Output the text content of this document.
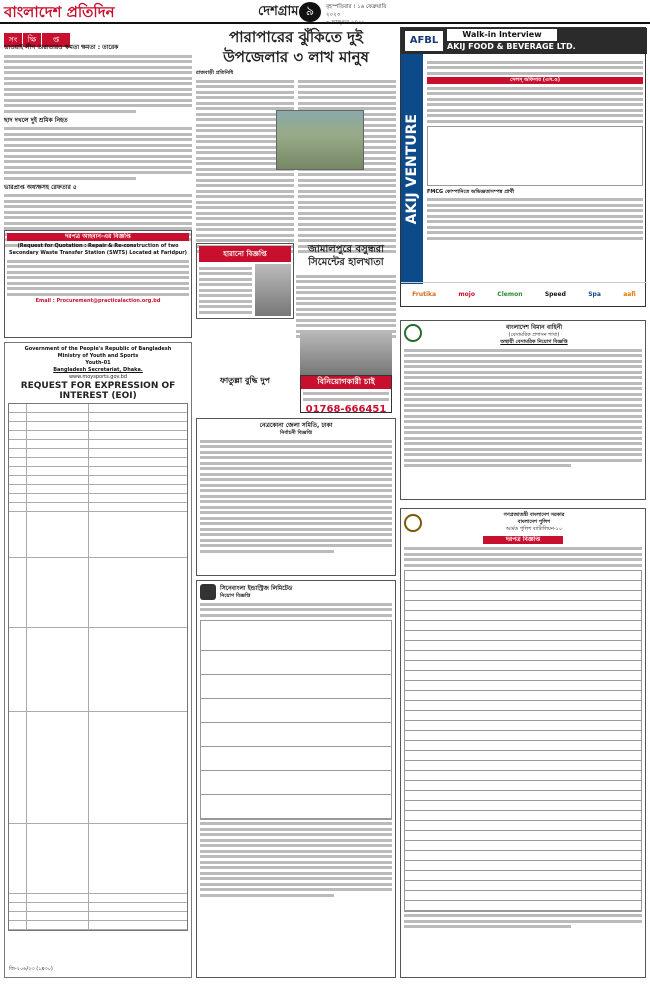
বাংলাদেশ প্রতিদিন	দেশগ্রাম ৯	বৃহস্পতিবার । ১৬ ফেব্রুয়ারি ২০২৩
৩ ফাল্গুন ১৪২৯
সং ক্ষি প্ত
ভাওয়াই লীগ তারাতারও ক্ষমতা ক্ষমতা : তারেক
ছাদ দখলে দুই শ্রমিক নিহত
ভারপ্রাপ্ত অধ্যক্ষসহ রেফতার ৫
পারাপারের ঝুঁকিতে দুই উপজেলার ৩ লাখ মানুষ
রাজবাড়ী প্রতিনিধি
দরপত্র আহবান-এর বিজ্ঞপ্তি
(Request for Quotation : Repair & Re-construction of two Secondary Waste Transfer Station (SWTS) Located at Faridpur)
Email : Procurement@practicalaction.org.bd
হারানো বিজ্ঞপ্তি	জামালপুরে বসুন্ধরা সিমেন্টের হালখাতা
ফাতুল্লা বুদ্ধি দুপ	বিনিয়োগকারী চাই
01768-666451
Government of the People's Republic of Bangladesh
Ministry of Youth and Sports
Youth-01
Bangladesh Secretariat, Dhaka.
www.moysports.gov.bd
REQUEST FOR EXPRESSION OF INTEREST (EOI)
জি-২০৬/২৩ (১x৩০)
নেত্রকোনা জেলা সমিতি, ঢাকা
নির্বাচনী বিজ্ঞপ্তি
সিনেবাংলা ইন্ডাস্ট্রিজ লিমিটেড
নিয়োগ বিজ্ঞপ্তি
AFBL
Walk-in Interview
AKIJ FOOD & BEVERAGE LTD.
AKIJ VENTURE
সেলস্ অফিসার (এস.ও)
FMCG কোম্পানিতে অভিজ্ঞতাসম্পন্ন প্রার্থী
Frutika	mojo	Clemon	Speed	Spa	aafi
বাংলাদেশ বিমান বাহিনী
(বেসামরিক প্রশাসন শাখা)
অস্থায়ী বেসামরিক নিয়োগ বিজ্ঞপ্তি
গণপ্রজাতন্ত্রী বাংলাদেশ সরকার
বাংলাদেশ পুলিশ
আর্মড পুলিশ ব্যাটালিয়ন-১০
দরপত্র বিজ্ঞপ্তি
